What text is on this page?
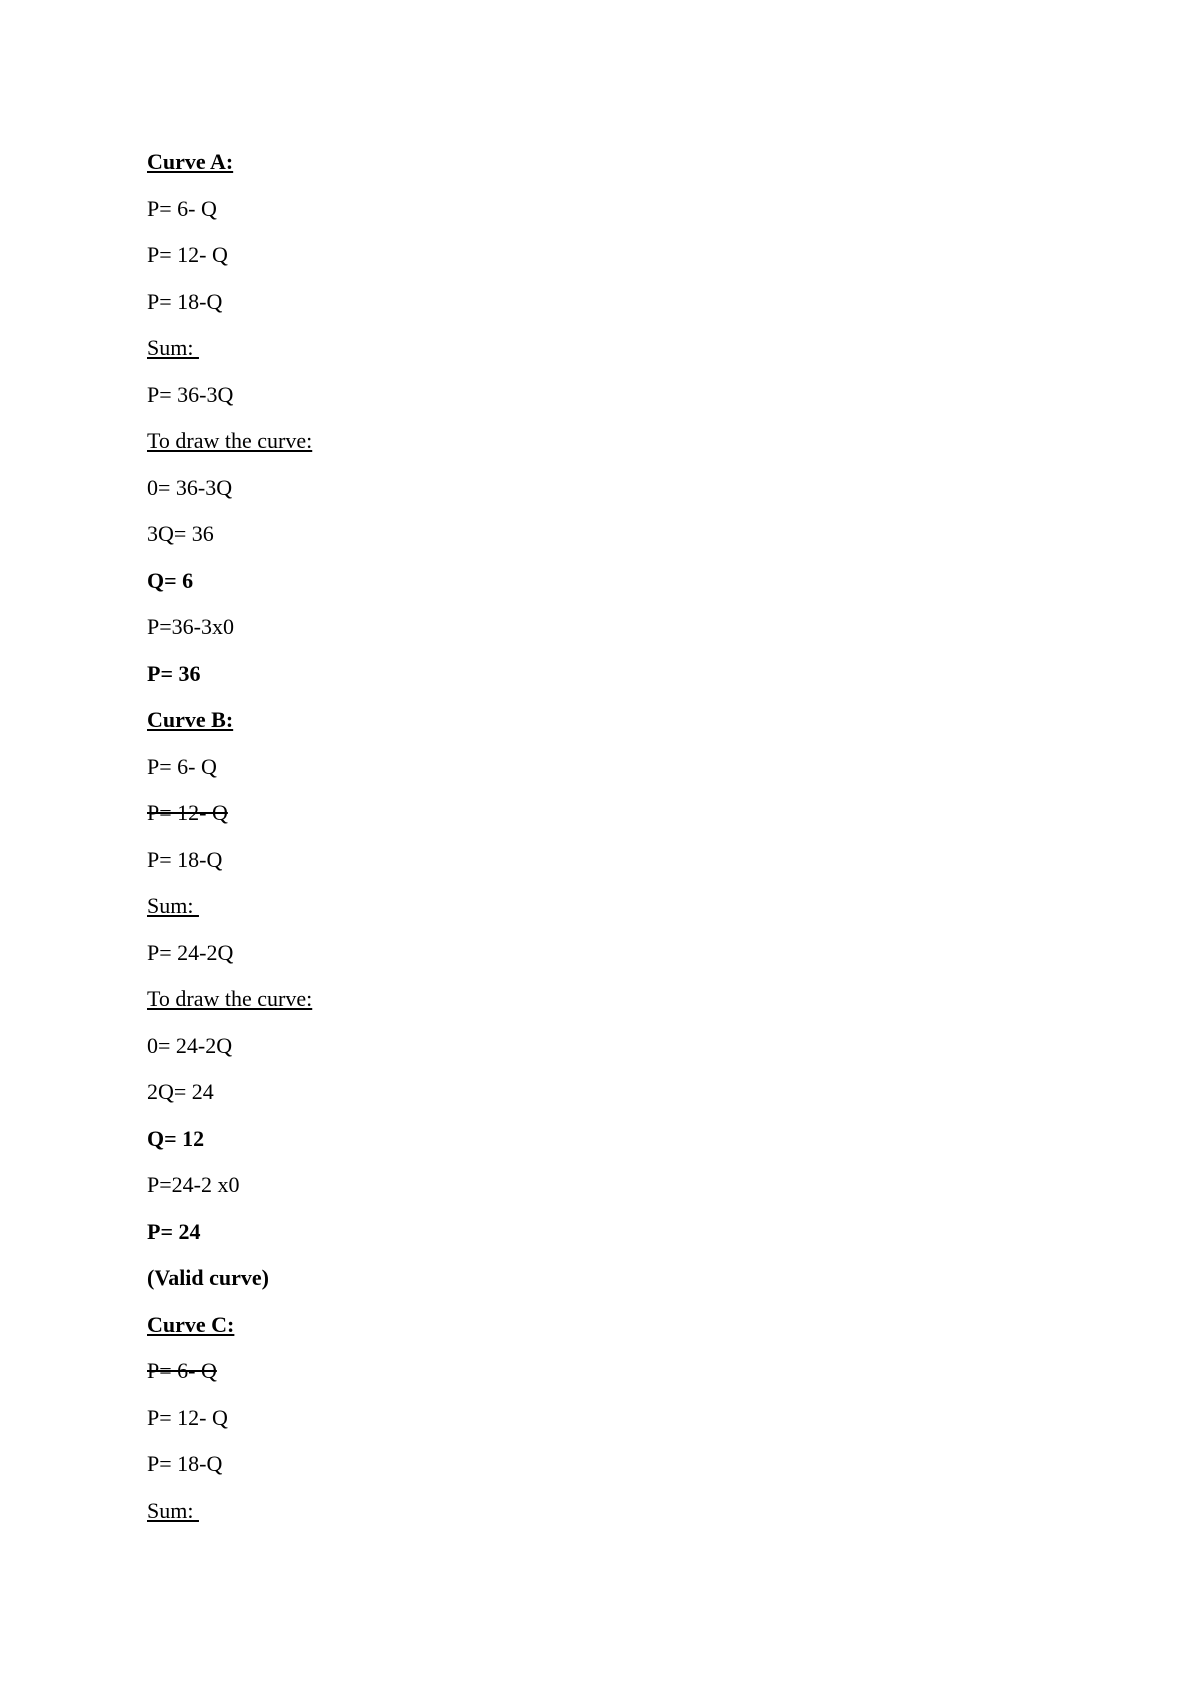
Curve A:
P= 6- Q
P= 12- Q
P= 18-Q
Sum:
P= 36-3Q
To draw the curve:
0= 36-3Q
3Q= 36
Q= 6
P=36-3x0
P= 36
Curve B:
P= 6- Q
P= 12- Q
P= 18-Q
Sum:
P= 24-2Q
To draw the curve:
0= 24-2Q
2Q= 24
Q= 12
P=24-2 x0
P= 24
(Valid curve)
Curve C:
P= 6- Q
P= 12- Q
P= 18-Q
Sum:
